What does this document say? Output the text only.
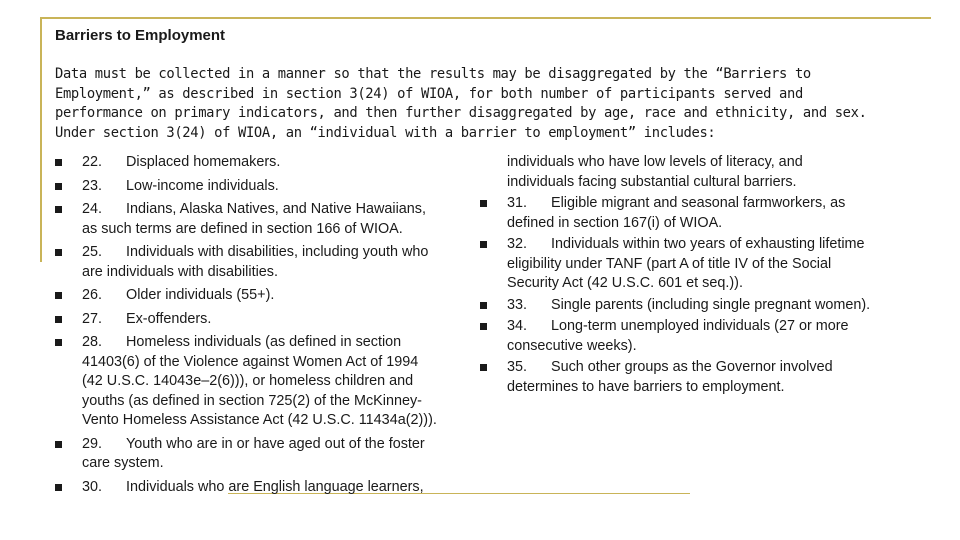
Barriers to Employment
Data must be collected in a manner so that the results may be disaggregated by the “Barriers to
Employment,” as described in section 3(24) of WIOA, for both number of participants served and
performance on primary indicators, and then further disaggregated by age, race and ethnicity, and sex.
Under section 3(24) of WIOA, an “individual with a barrier to employment” includes:
22. Displaced homemakers.
23. Low-income individuals.
24. Indians, Alaska Natives, and Native Hawaiians,
as such terms are defined in section 166 of WIOA.
25. Individuals with disabilities, including youth who
are individuals with disabilities.
26. Older individuals (55+).
27. Ex-offenders.
28. Homeless individuals (as defined in section
41403(6) of the Violence against Women Act of 1994
(42 U.S.C. 14043e–2(6))), or homeless children and
youths (as defined in section 725(2) of the McKinney-
Vento Homeless Assistance Act (42 U.S.C. 11434a(2))).
29. Youth who are in or have aged out of the foster
care system.
30. Individuals who are English language learners,
individuals who have low levels of literacy, and
individuals facing substantial cultural barriers.
31. Eligible migrant and seasonal farmworkers, as
defined in section 167(i) of WIOA.
32. Individuals within two years of exhausting lifetime
eligibility under TANF (part A of title IV of the Social
Security Act (42 U.S.C. 601 et seq.)).
33. Single parents (including single pregnant women).
34. Long-term unemployed individuals (27 or more
consecutive weeks).
35. Such other groups as the Governor involved
determines to have barriers to employment.
